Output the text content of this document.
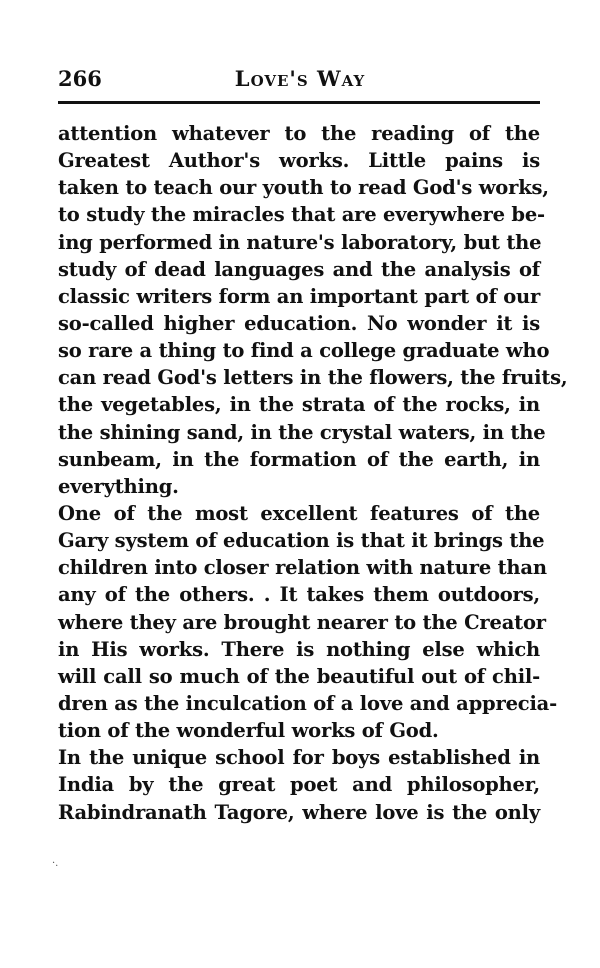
266	Love's Way
attention whatever to the reading of the
Greatest Author's works. Little pains is
taken to teach our youth to read God's works,
to study the miracles that are everywhere be-
ing performed in nature's laboratory, but the
study of dead languages and the analysis of
classic writers form an important part of our
so-called higher education. No wonder it is
so rare a thing to find a college graduate who
can read God's letters in the flowers, the fruits,
the vegetables, in the strata of the rocks, in
the shining sand, in the crystal waters, in the
sunbeam, in the formation of the earth, in
everything.
One of the most excellent features of the
Gary system of education is that it brings the
children into closer relation with nature than
any of the others. . It takes them outdoors,
where they are brought nearer to the Creator
in His works. There is nothing else which
will call so much of the beautiful out of chil-
dren as the inculcation of a love and apprecia-
tion of the wonderful works of God.
In the unique school for boys established in
India by the great poet and philosopher,
Rabindranath Tagore, where love is the only
·.
